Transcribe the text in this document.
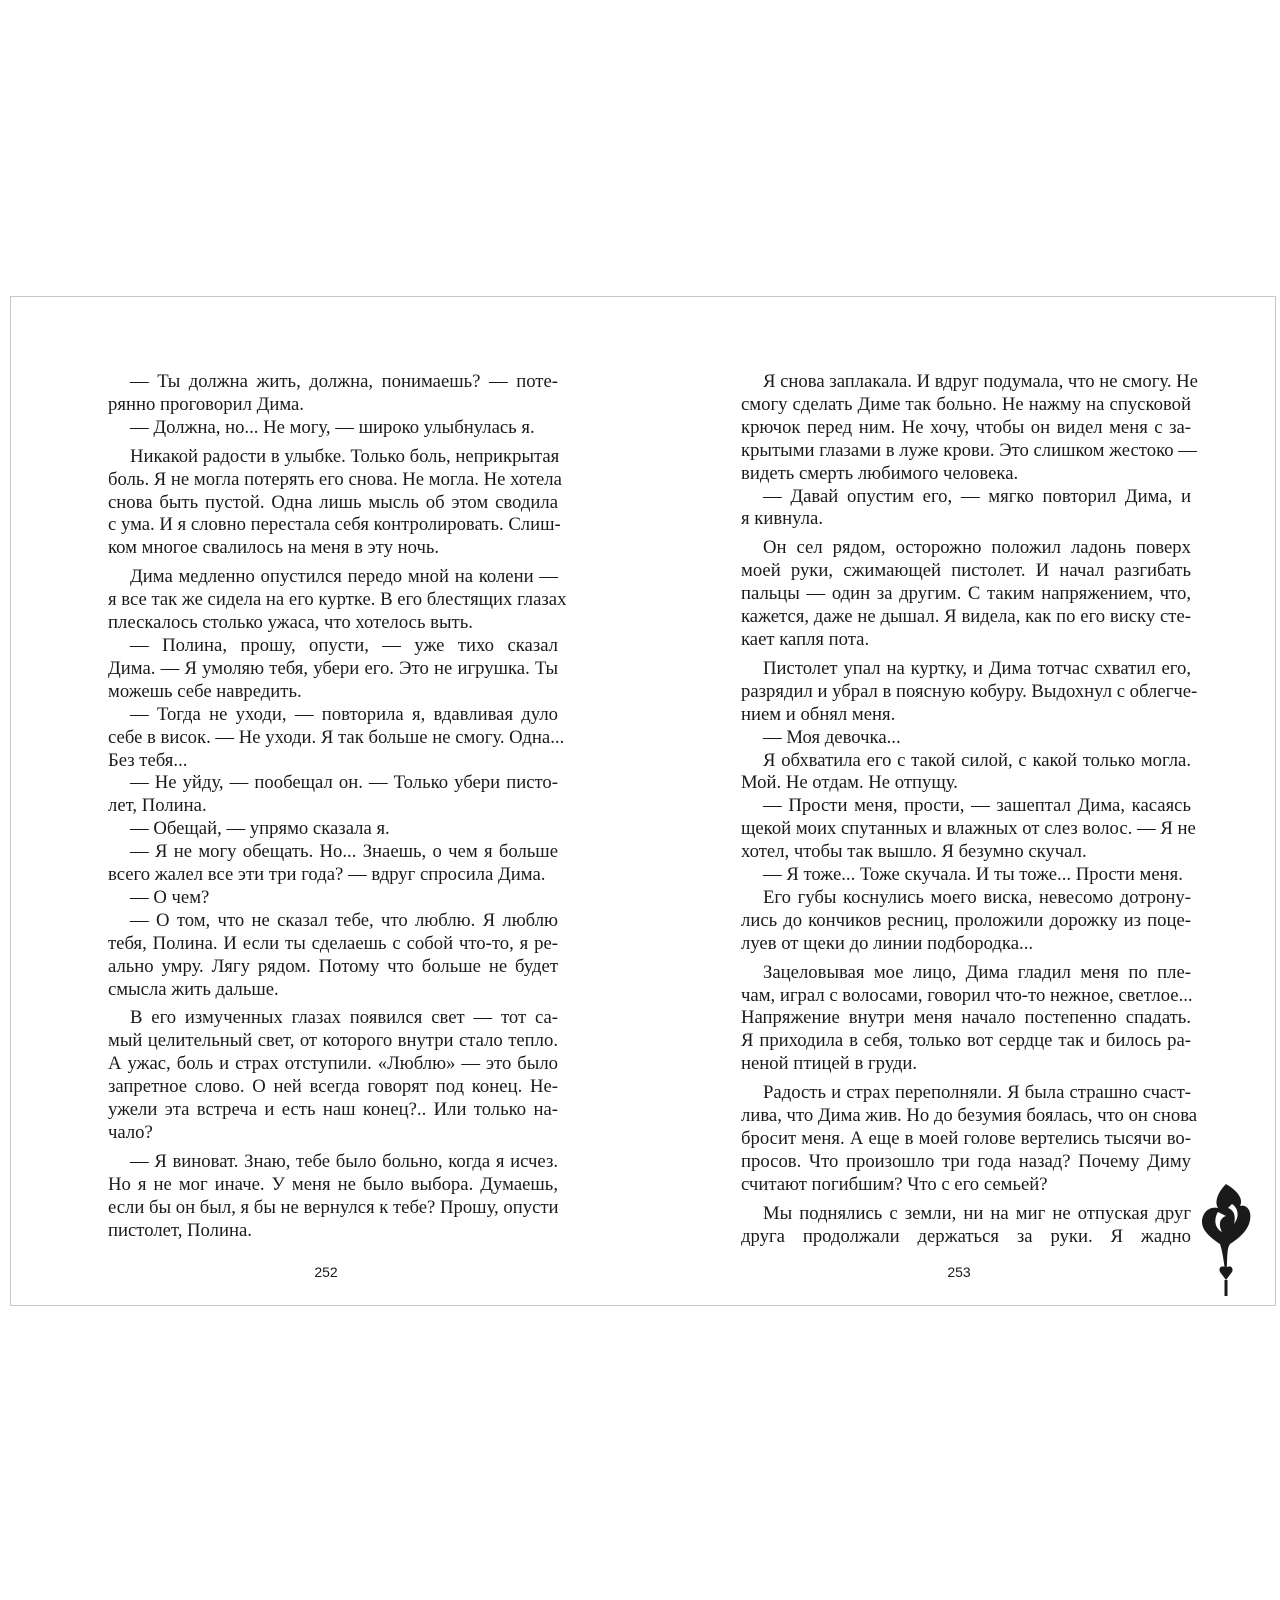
— Ты должна жить, должна, понимаешь? — поте-
рянно проговорил Дима.
— Должна, но... Не могу, — широко улыбнулась я.
Никакой радости в улыбке. Только боль, неприкрытая
боль. Я не могла потерять его снова. Не могла. Не хотела
снова быть пустой. Одна лишь мысль об этом сводила
с ума. И я словно перестала себя контролировать. Слиш-
ком многое свалилось на меня в эту ночь.
Дима медленно опустился передо мной на колени —
я все так же сидела на его куртке. В его блестящих глазах
плескалось столько ужаса, что хотелось выть.
— Полина, прошу, опусти, — уже тихо сказал
Дима. — Я умоляю тебя, убери его. Это не игрушка. Ты
можешь себе навредить.
— Тогда не уходи, — повторила я, вдавливая дуло
себе в висок. — Не уходи. Я так больше не смогу. Одна...
Без тебя...
— Не уйду, — пообещал он. — Только убери писто-
лет, Полина.
— Обещай, — упрямо сказала я.
— Я не могу обещать. Но... Знаешь, о чем я больше
всего жалел все эти три года? — вдруг спросила Дима.
— О чем?
— О том, что не сказал тебе, что люблю. Я люблю
тебя, Полина. И если ты сделаешь с собой что-то, я ре-
ально умру. Лягу рядом. Потому что больше не будет
смысла жить дальше.
В его измученных глазах появился свет — тот са-
мый целительный свет, от которого внутри стало тепло.
А ужас, боль и страх отступили. «Люблю» — это было
запретное слово. О ней всегда говорят под конец. Не-
ужели эта встреча и есть наш конец?.. Или только на-
чало?
— Я виноват. Знаю, тебе было больно, когда я исчез.
Но я не мог иначе. У меня не было выбора. Думаешь,
если бы он был, я бы не вернулся к тебе? Прошу, опусти
пистолет, Полина.
Я снова заплакала. И вдруг подумала, что не смогу. Не
смогу сделать Диме так больно. Не нажму на спусковой
крючок перед ним. Не хочу, чтобы он видел меня с за-
крытыми глазами в луже крови. Это слишком жестоко —
видеть смерть любимого человека.
— Давай опустим его, — мягко повторил Дима, и
я кивнула.
Он сел рядом, осторожно положил ладонь поверх
моей руки, сжимающей пистолет. И начал разгибать
пальцы — один за другим. С таким напряжением, что,
кажется, даже не дышал. Я видела, как по его виску сте-
кает капля пота.
Пистолет упал на куртку, и Дима тотчас схватил его,
разрядил и убрал в поясную кобуру. Выдохнул с облегче-
нием и обнял меня.
— Моя девочка...
Я обхватила его с такой силой, с какой только могла.
Мой. Не отдам. Не отпущу.
— Прости меня, прости, — зашептал Дима, касаясь
щекой моих спутанных и влажных от слез волос. — Я не
хотел, чтобы так вышло. Я безумно скучал.
— Я тоже... Тоже скучала. И ты тоже... Прости меня.
Его губы коснулись моего виска, невесомо дотрону-
лись до кончиков ресниц, проложили дорожку из поце-
луев от щеки до линии подбородка...
Зацеловывая мое лицо, Дима гладил меня по пле-
чам, играл с волосами, говорил что-то нежное, светлое...
Напряжение внутри меня начало постепенно спадать.
Я приходила в себя, только вот сердце так и билось ра-
неной птицей в груди.
Радость и страх переполняли. Я была страшно счаст-
лива, что Дима жив. Но до безумия боялась, что он снова
бросит меня. А еще в моей голове вертелись тысячи во-
просов. Что произошло три года назад? Почему Диму
считают погибшим? Что с его семьей?
Мы поднялись с земли, ни на миг не отпуская друг
друга продолжали держаться за руки. Я жадно
252	253
